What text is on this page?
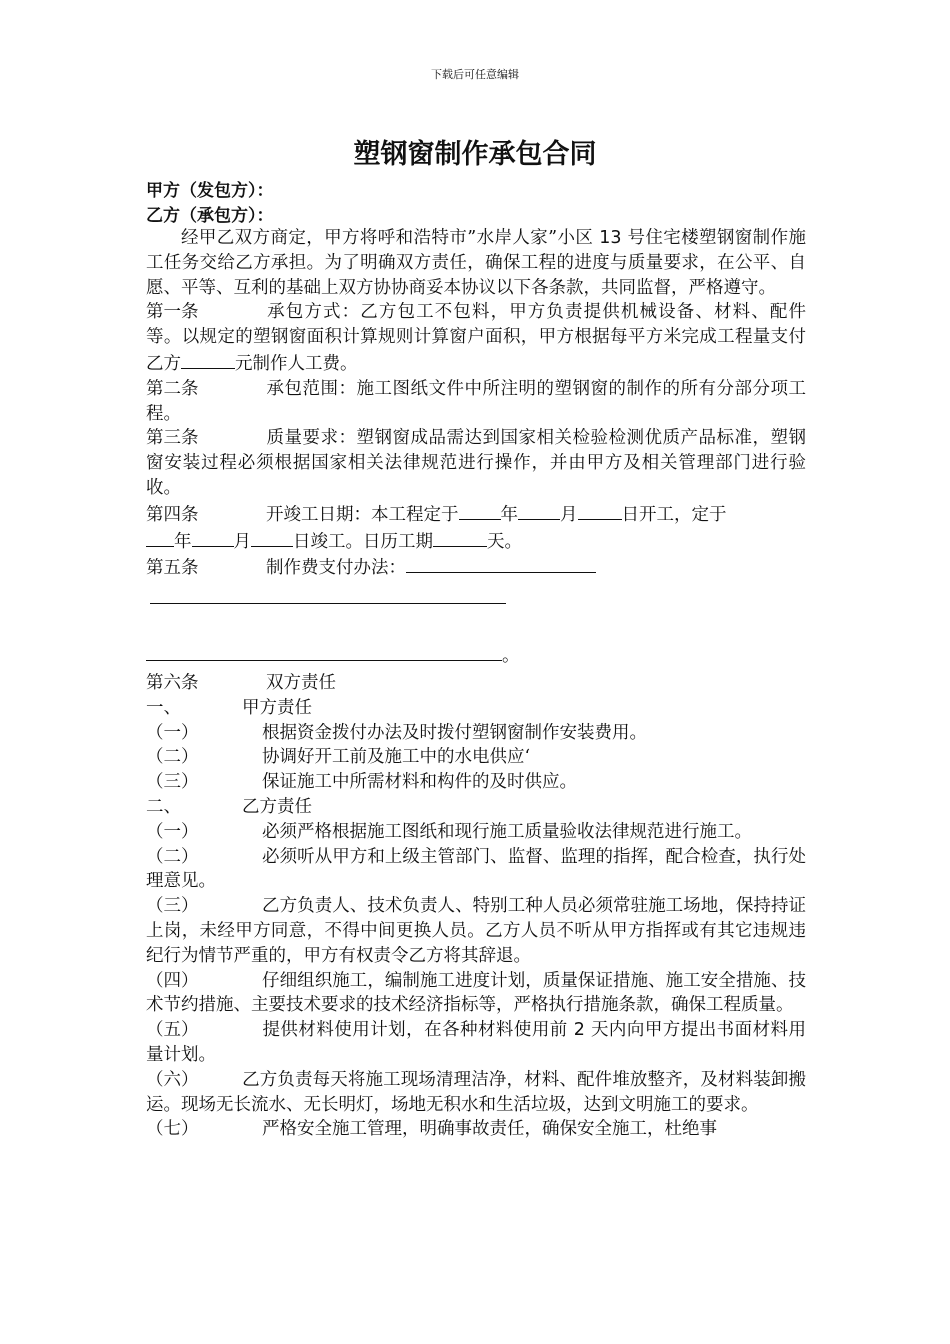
下载后可任意编辑
塑钢窗制作承包合同
甲方（发包方）：
乙方（承包方）：

经甲乙双方商定，甲方将呼和浩特市”水岸人家”小区 13 号住宅楼塑钢窗制作施工任务交给乙方承担。为了明确双方责任，确保工程的进度与质量要求，在公平、自愿、平等、互利的基础上双方协协商妥本协议以下各条款，共同监督，严格遵守。

第一条	承包方式：乙方包工不包料，甲方负责提供机械设备、材料、配件等。以规定的塑钢窗面积计算规则计算窗户面积，甲方根据每平方米完成工程量支付乙方	元制作人工费。

第二条	承包范围：施工图纸文件中所注明的塑钢窗的制作的所有分部分项工程。

第三条	质量要求：塑钢窗成品需达到国家相关检验检测优质产品标准，塑钢窗安装过程必须根据国家相关法律规范进行操作，并由甲方及相关管理部门进行验收。

第四条	开竣工日期：本工程定于 年 月	日开工，定于
年 月 日竣工。日历工期	天。

第五条	制作费支付办法：

。

第六条	双方责任

一、	甲方责任

（一）	根据资金拨付办法及时拨付塑钢窗制作安装费用。

（二）	协调好开工前及施工中的水电供应‘

（三）	保证施工中所需材料和构件的及时供应。

二、	乙方责任

（一）	必须严格根据施工图纸和现行施工质量验收法律规范进行施工。

（二）	必须听从甲方和上级主管部门、监督、监理的指挥，配合检查，执行处理意见。

（三）	乙方负责人、技术负责人、特别工种人员必须常驻施工场地，保持持证上岗，未经甲方同意，不得中间更换人员。乙方人员不听从甲方指挥或有其它违规违纪行为情节严重的，甲方有权责令乙方将其辞退。

（四）	仔细组织施工，编制施工进度计划，质量保证措施、施工安全措施、技术节约措施、主要技术要求的技术经济指标等，严格执行措施条款，确保工程质量。

（五）	提供材料使用计划，在各种材料使用前 2 天内向甲方提出书面材料用量计划。

（六） 乙方负责每天将施工现场清理洁净，材料、配件堆放整齐，及材料装卸搬运。现场无长流水、无长明灯，场地无积水和生活垃圾，达到文明施工的要求。

（七）	严格安全施工管理，明确事故责任，确保安全施工，杜绝事
